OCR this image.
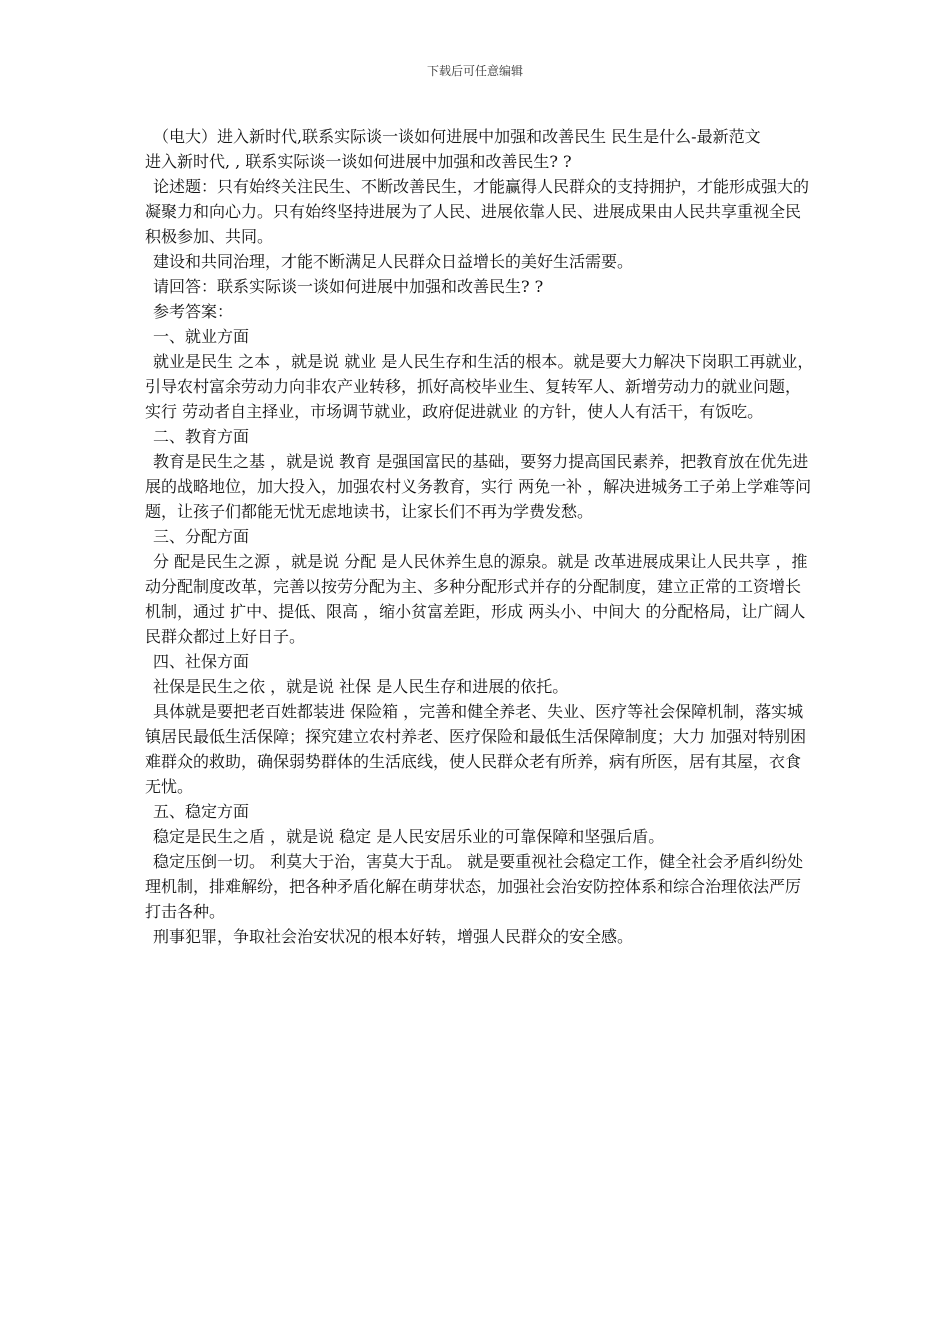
下载后可任意编辑

（电大）进入新时代,联系实际谈一谈如何进展中加强和改善民生 民生是什么-最新范文

进入新时代, , 联系实际谈一谈如何进展中加强和改善民生? ?

论述题：只有始终关注民生、不断改善民生，才能赢得人民群众的支持拥护，才能形成强大的凝聚力和向心力。只有始终坚持进展为了人民、进展依靠人民、进展成果由人民共享重视全民积极参加、共同。

建设和共同治理，才能不断满足人民群众日益增长的美好生活需要。

请回答：联系实际谈一谈如何进展中加强和改善民生? ?

参考答案：

一、就业方面

就业是民生 之本 ，就是说 就业 是人民生存和生活的根本。就是要大力解决下岗职工再就业，引导农村富余劳动力向非农产业转移，抓好高校毕业生、复转军人、新增劳动力的就业问题，实行 劳动者自主择业，市场调节就业，政府促进就业 的方针，使人人有活干，有饭吃。

二、教育方面

教育是民生之基 ，就是说 教育 是强国富民的基础，要努力提高国民素养，把教育放在优先进展的战略地位，加大投入，加强农村义务教育，实行 两免一补 ，解决进城务工子弟上学难等问题，让孩子们都能无忧无虑地读书，让家长们不再为学费发愁。

三、分配方面

分 配是民生之源 ，就是说 分配 是人民休养生息的源泉。就是 改革进展成果让人民共享 ，推动分配制度改革，完善以按劳分配为主、多种分配形式并存的分配制度，建立正常的工资增长机制，通过 扩中、提低、限高 ，缩小贫富差距，形成 两头小、中间大 的分配格局，让广阔人民群众都过上好日子。

四、社保方面

社保是民生之依 ，就是说 社保 是人民生存和进展的依托。

具体就是要把老百姓都装进 保险箱 ，完善和健全养老、失业、医疗等社会保障机制，落实城镇居民最低生活保障；探究建立农村养老、医疗保险和最低生活保障制度；大力 加强对特别困难群众的救助，确保弱势群体的生活底线，使人民群众老有所养，病有所医，居有其屋，衣食无忧。

五、稳定方面

稳定是民生之盾 ，就是说 稳定 是人民安居乐业的可靠保障和坚强后盾。

稳定压倒一切。 利莫大于治，害莫大于乱。 就是要重视社会稳定工作，健全社会矛盾纠纷处理机制，排难解纷，把各种矛盾化解在萌芽状态，加强社会治安防控体系和综合治理依法严厉打击各种。

刑事犯罪，争取社会治安状况的根本好转，增强人民群众的安全感。
